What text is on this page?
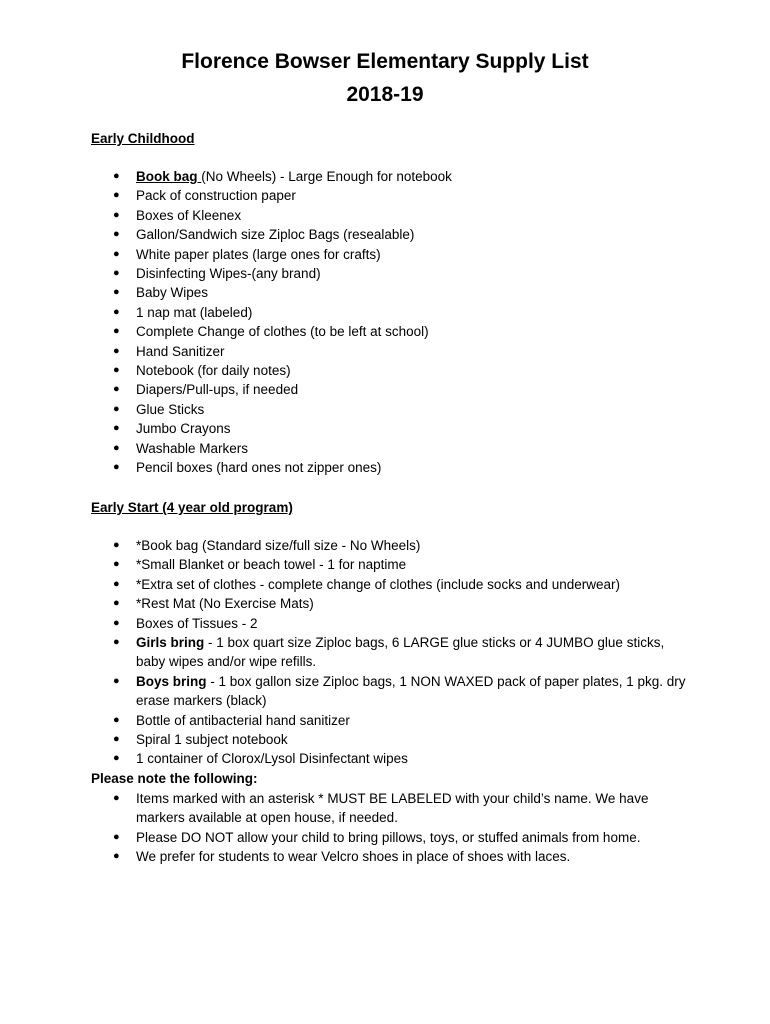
Florence Bowser Elementary Supply List
2018-19
Early Childhood
● Book bag (No Wheels) - Large Enough for notebook
● Pack of construction paper
● Boxes of Kleenex
● Gallon/Sandwich size Ziploc Bags (resealable)
● White paper plates (large ones for crafts)
● Disinfecting Wipes-(any brand)
● Baby Wipes
● 1 nap mat (labeled)
● Complete Change of clothes (to be left at school)
● Hand Sanitizer
● Notebook (for daily notes)
● Diapers/Pull-ups, if needed
● Glue Sticks
● Jumbo Crayons
● Washable Markers
● Pencil boxes (hard ones not zipper ones)
Early Start (4 year old program)
● *Book bag (Standard size/full size - No Wheels)
● *Small Blanket or beach towel - 1 for naptime
● *Extra set of clothes - complete change of clothes (include socks and underwear)
● *Rest Mat (No Exercise Mats)
● Boxes of Tissues - 2
● Girls bring - 1 box quart size Ziploc bags, 6 LARGE glue sticks or 4 JUMBO glue sticks, baby wipes and/or wipe refills.
● Boys bring - 1 box gallon size Ziploc bags, 1 NON WAXED pack of paper plates, 1 pkg. dry erase markers (black)
● Bottle of antibacterial hand sanitizer
● Spiral 1 subject notebook
● 1 container of Clorox/Lysol Disinfectant wipes
Please note the following:
● Items marked with an asterisk * MUST BE LABELED with your child’s name. We have markers available at open house, if needed.
● Please DO NOT allow your child to bring pillows, toys, or stuffed animals from home.
● We prefer for students to wear Velcro shoes in place of shoes with laces.
